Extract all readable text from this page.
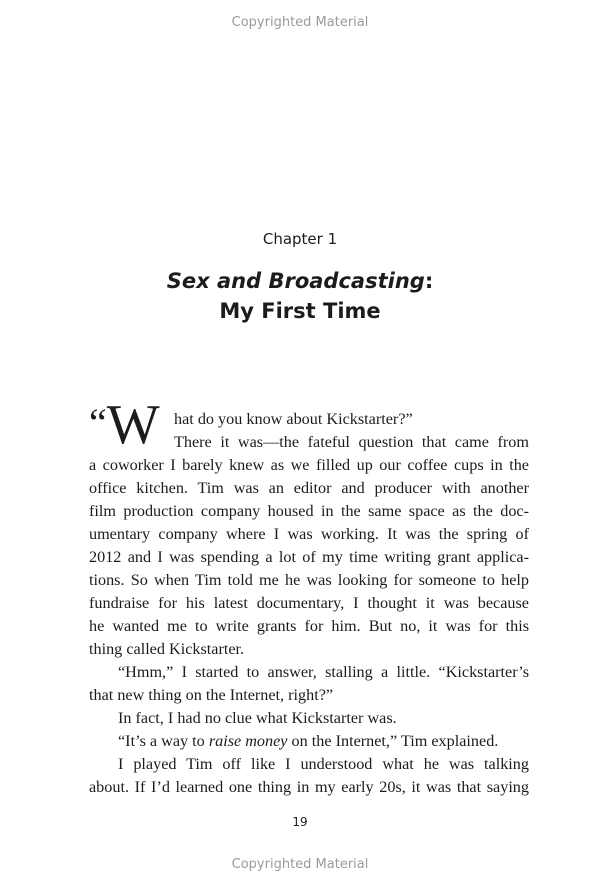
Copyrighted Material
Chapter 1
Sex and Broadcasting:
My First Time
“W hat do you know about Kickstarter?”
There it was—the fateful question that came from
a coworker I barely knew as we filled up our coffee cups in the
office kitchen. Tim was an editor and producer with another
film production company housed in the same space as the doc-
umentary company where I was working. It was the spring of
2012 and I was spending a lot of my time writing grant applica-
tions. So when Tim told me he was looking for someone to help
fundraise for his latest documentary, I thought it was because
he wanted me to write grants for him. But no, it was for this
thing called Kickstarter.
“Hmm,” I started to answer, stalling a little. “Kickstarter’s
that new thing on the Internet, right?”
In fact, I had no clue what Kickstarter was.
“It’s a way to raise money on the Internet,” Tim explained.
I played Tim off like I understood what he was talking
about. If I’d learned one thing in my early 20s, it was that saying
19
Copyrighted Material
